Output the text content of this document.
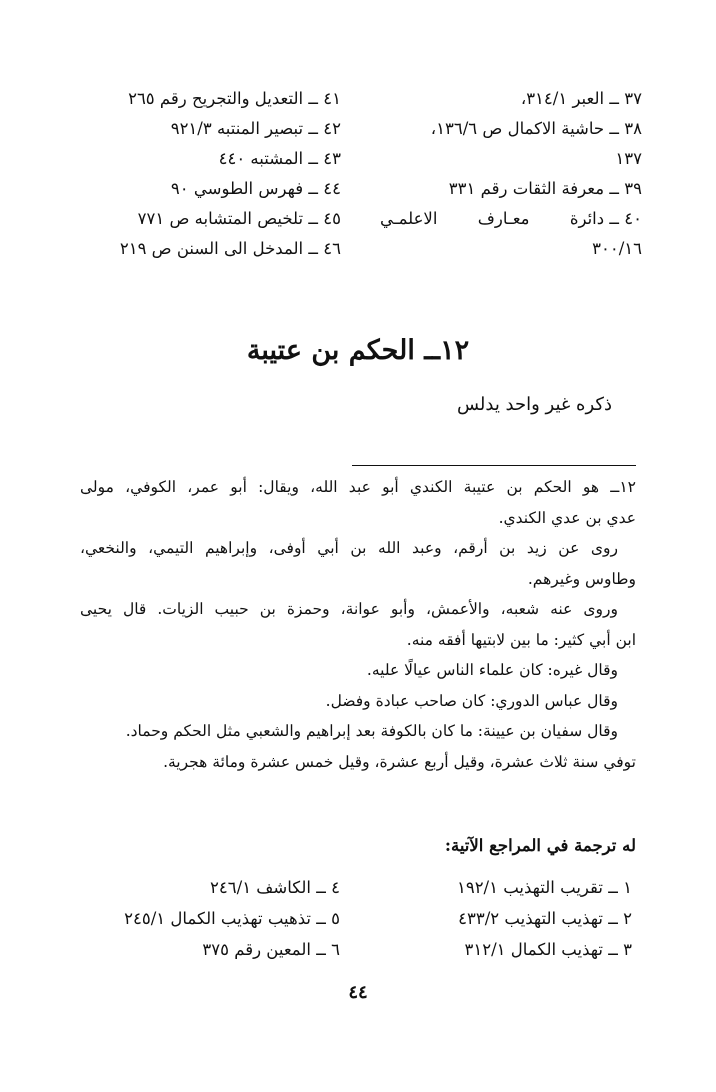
٣٧ ــ العبر ٣١٤/١،
٣٨ ــ حاشية الاكمال ص ١٣٦/٦،
١٣٧
٣٩ ــ معرفة الثقات رقم ٣٣١
٤٠ ــ دائرة
معـارف
الاعلمـي
٣٠٠/١٦
٤١ ــ التعديل والتجريح رقم ٢٦٥
٤٢ ــ تبصير المنتبه ٩٢١/٣
٤٣ ــ المشتبه ٤٤٠
٤٤ ــ فهرس الطوسي ٩٠
٤٥ ــ تلخيص المتشابه ص ٧٧١
٤٦ ــ المدخل الى السنن ص ٢١٩
١٢ــ الحكم بن عتيبة
ذكره غير واحد يدلس
١٢ــ هو الحكم بن عتيبة الكندي أبو عبد الله، ويقال: أبو عمر، الكوفي، مولى
عدي بن عدي الكندي.
روى عن زيد بن أرقم، وعبد الله بن أبي أوفى، وإبراهيم التيمي، والنخعي،
وطاوس وغيرهم.
وروى عنه شعبه، والأعمش، وأبو عوانة، وحمزة بن حبيب الزيات. قال يحيى
ابن أبي كثير: ما بين لابتيها أفقه منه.
وقال غيره: كان علماء الناس عيالًا عليه.
وقال عباس الدوري: كان صاحب عبادة وفضل.
وقال سفيان بن عيينة: ما كان بالكوفة بعد إبراهيم والشعبي مثل الحكم وحماد.
توفي سنة ثلاث عشرة، وقيل أربع عشرة، وقيل خمس عشرة ومائة هجرية.
له ترجمة في المراجع الآتية:
١ ــ تقريب التهذيب ١٩٢/١
٢ ــ تهذيب التهذيب ٤٣٣/٢
٣ ــ تهذيب الكمال ٣١٢/١
٤ ــ الكاشف ٢٤٦/١
٥ ــ تذهيب تهذيب الكمال ٢٤٥/١
٦ ــ المعين رقم ٣٧٥
٤٤
